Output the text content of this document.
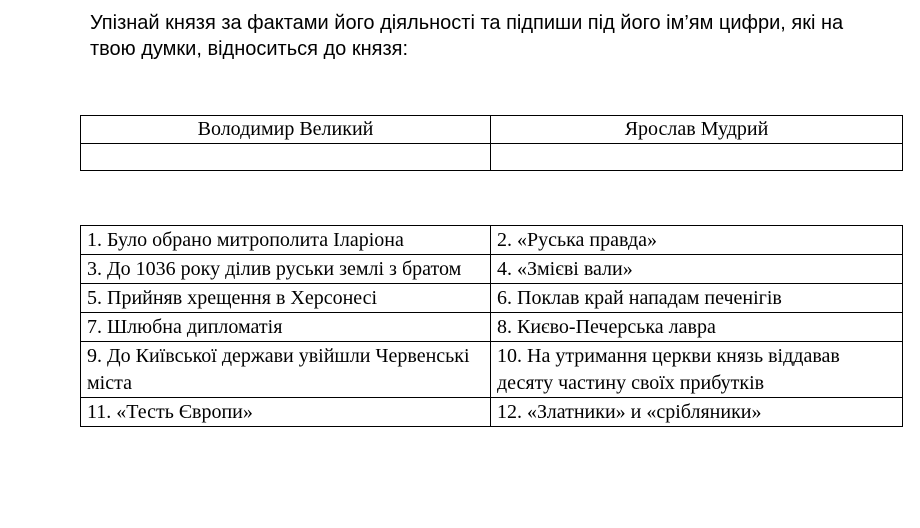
Упізнай князя за фактами його діяльності та підпиши під його ім’ям цифри, які на твою думки, відноситься до князя:

Володимир Великий	Ярослав Мудрий

1. Було обрано митрополита Іларіона	2. «Руська правда»
3. До 1036 року ділив руськи землі з братом	4. «Змієві вали»
5. Прийняв хрещення в Херсонесі	6. Поклав край нападам печенігів
7. Шлюбна дипломатія	8. Києво-Печерська лавра
9. До Київської держави увійшли Червенські міста	10. На утримання церкви князь віддавав десяту частину своїх прибутків
11. «Тесть Європи»	12. «Златники» и «срібляники»
